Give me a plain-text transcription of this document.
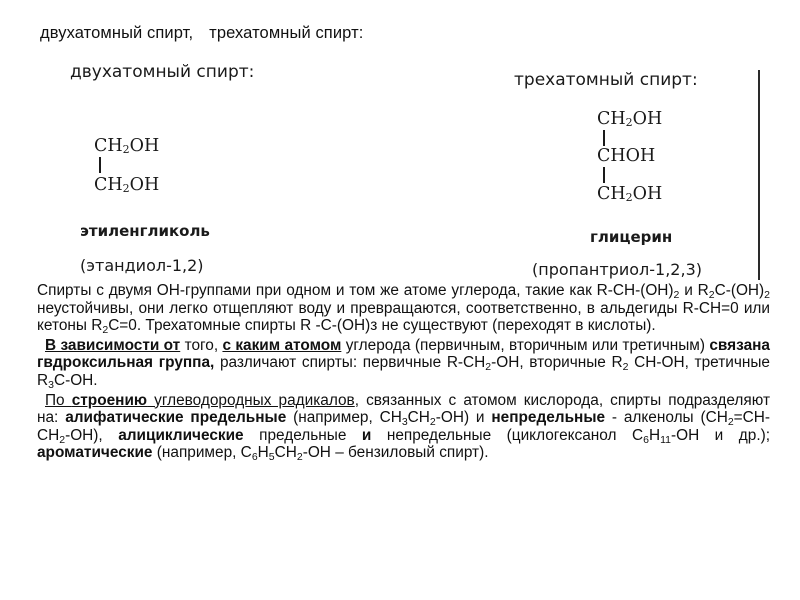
двухатомный спирт, трехатомный спирт:
двухатомный спирт:	трехатомный спирт:
$CH_2OH$
$CH_2OH$
этиленгликоль
(этандиол-1,2)
$CH_2OH$
CHOH
$CH_2OH$
глицерин
(пропантриол-1,2,3)

Спирты с двумя ОН-группами при одном и том же атоме углерода, такие как $R-CH-(OH)_2$ и $R_2C-(OH)_2$ неустойчивы, они легко отщепляют воду и превращаются, соответственно, в альдегиды R-CH=0 или кетоны $R_2C=0$. Трехатомные спирты R -C-(OH)з не существуют (переходят в кислоты).

В зависимости от того, с каким атомом углерода (первичным, вторичным или третичным) связана гвдроксильная группа, различают спирты: первичные $R-CH_2-OH$, вторичные $R_2$ CH-OH, третичные $R_3C-OH$.

По строению углеводородных радикалов, связанных с атомом кислорода, спирты подразделяют на: алифатические предельные (например, $CH_3CH_2-OH$) и непредельные - алкенолы $(CH_2=CH-CH_2-OH)$, алициклические предельные и непредельные (циклогексанол $C_6H_{11}-OH$ и др.); ароматические (например, $C_6H_5CH_2-OH$ – бензиловый спирт).
